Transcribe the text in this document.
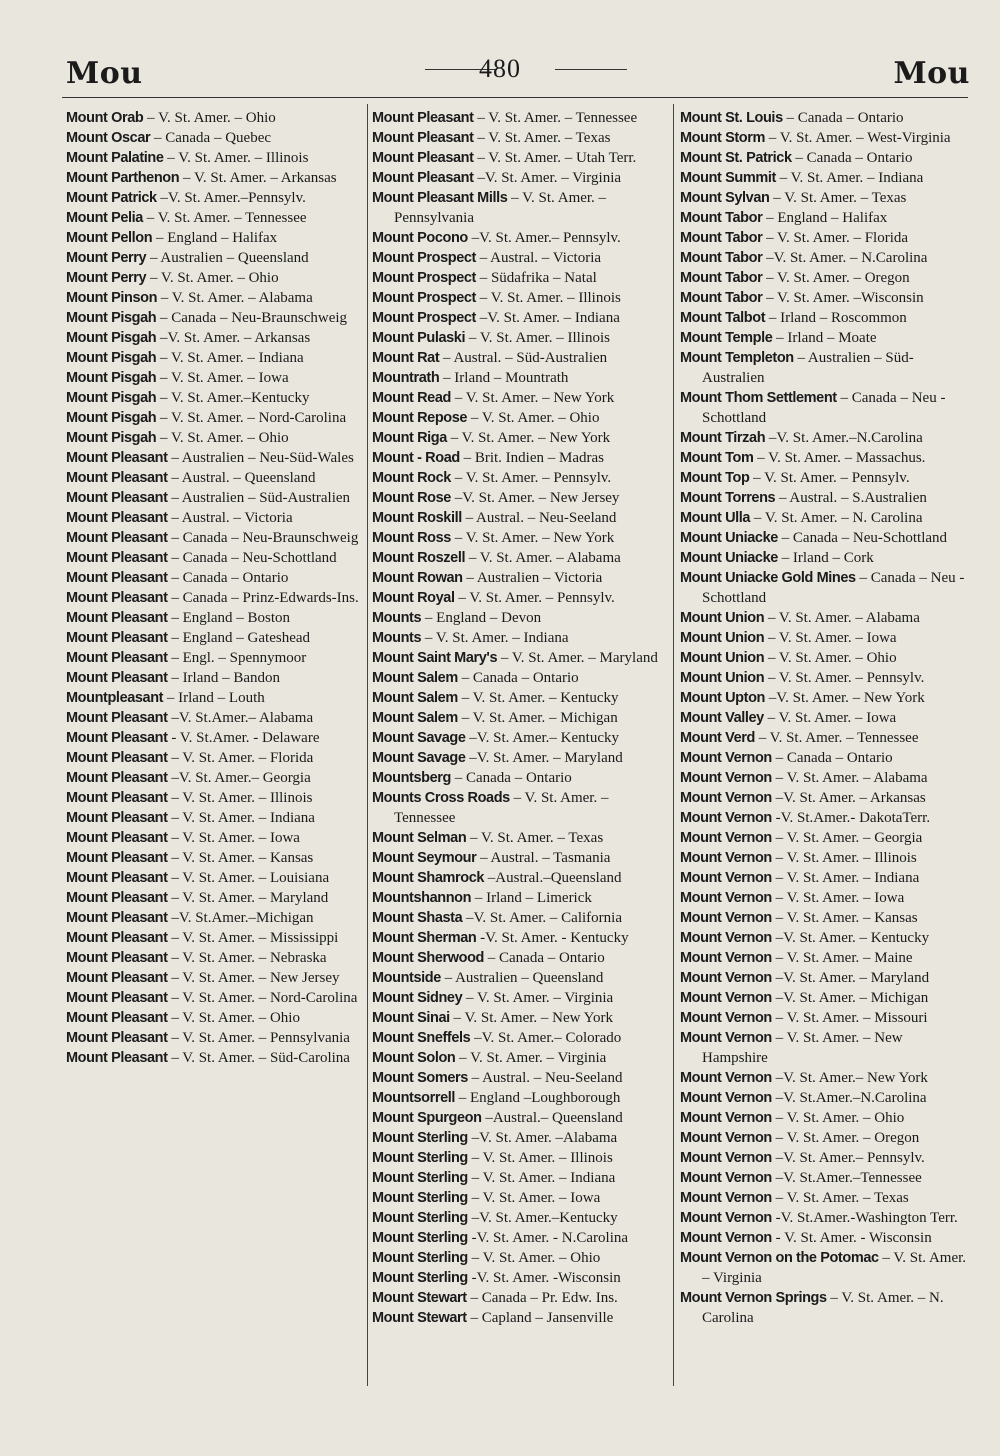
Mou	480	Mou

Mount Orab – V. St. Amer. – Ohio

Mount Oscar – Canada – Quebec

Mount Palatine – V. St. Amer. – Illinois

Mount Parthenon – V. St. Amer. – Arkansas

Mount Patrick –V. St. Amer.–Pennsylv.

Mount Pelia – V. St. Amer. – Tennessee

Mount Pellon – England – Halifax

Mount Perry – Australien – Queensland

Mount Perry – V. St. Amer. – Ohio

Mount Pinson – V. St. Amer. – Alabama

Mount Pisgah – Canada – Neu-Braunschweig

Mount Pisgah –V. St. Amer. – Arkansas

Mount Pisgah – V. St. Amer. – Indiana

Mount Pisgah – V. St. Amer. – Iowa

Mount Pisgah – V. St. Amer.–Kentucky

Mount Pisgah – V. St. Amer. – Nord-Carolina

Mount Pisgah – V. St. Amer. – Ohio

Mount Pleasant – Australien – Neu-Süd-Wales

Mount Pleasant – Austral. – Queensland

Mount Pleasant – Australien – Süd-Australien

Mount Pleasant – Austral. – Victoria

Mount Pleasant – Canada – Neu-Braunschweig

Mount Pleasant – Canada – Neu-Schottland

Mount Pleasant – Canada – Ontario

Mount Pleasant – Canada – Prinz-Edwards-Ins.

Mount Pleasant – England – Boston

Mount Pleasant – England – Gateshead

Mount Pleasant – Engl. – Spennymoor

Mount Pleasant – Irland – Bandon

Mountpleasant – Irland – Louth

Mount Pleasant –V. St.Amer.– Alabama

Mount Pleasant - V. St.Amer. - Delaware

Mount Pleasant – V. St. Amer. – Florida

Mount Pleasant –V. St. Amer.– Georgia

Mount Pleasant – V. St. Amer. – Illinois

Mount Pleasant – V. St. Amer. – Indiana

Mount Pleasant – V. St. Amer. – Iowa

Mount Pleasant – V. St. Amer. – Kansas

Mount Pleasant – V. St. Amer. – Louisiana

Mount Pleasant – V. St. Amer. – Maryland

Mount Pleasant –V. St.Amer.–Michigan

Mount Pleasant – V. St. Amer. – Mississippi

Mount Pleasant – V. St. Amer. – Nebraska

Mount Pleasant – V. St. Amer. – New Jersey

Mount Pleasant – V. St. Amer. – Nord-Carolina

Mount Pleasant – V. St. Amer. – Ohio

Mount Pleasant – V. St. Amer. – Pennsylvania

Mount Pleasant – V. St. Amer. – Süd-Carolina

Mount Pleasant – V. St. Amer. – Tennessee

Mount Pleasant – V. St. Amer. – Texas

Mount Pleasant – V. St. Amer. – Utah Terr.

Mount Pleasant –V. St. Amer. – Virginia

Mount Pleasant Mills – V. St. Amer. – Pennsylvania

Mount Pocono –V. St. Amer.– Pennsylv.

Mount Prospect – Austral. – Victoria

Mount Prospect – Südafrika – Natal

Mount Prospect – V. St. Amer. – Illinois

Mount Prospect –V. St. Amer. – Indiana

Mount Pulaski – V. St. Amer. – Illinois

Mount Rat – Austral. – Süd-Australien

Mountrath – Irland – Mountrath

Mount Read – V. St. Amer. – New York

Mount Repose – V. St. Amer. – Ohio

Mount Riga – V. St. Amer. – New York

Mount - Road – Brit. Indien – Madras

Mount Rock – V. St. Amer. – Pennsylv.

Mount Rose –V. St. Amer. – New Jersey

Mount Roskill – Austral. – Neu-Seeland

Mount Ross – V. St. Amer. – New York

Mount Roszell – V. St. Amer. – Alabama

Mount Rowan – Australien – Victoria

Mount Royal – V. St. Amer. – Pennsylv.

Mounts – England – Devon

Mounts – V. St. Amer. – Indiana

Mount Saint Mary's – V. St. Amer. – Maryland

Mount Salem – Canada – Ontario

Mount Salem – V. St. Amer. – Kentucky

Mount Salem – V. St. Amer. – Michigan

Mount Savage –V. St. Amer.– Kentucky

Mount Savage –V. St. Amer. – Maryland

Mountsberg – Canada – Ontario

Mounts Cross Roads – V. St. Amer. – Tennessee

Mount Selman – V. St. Amer. – Texas

Mount Seymour – Austral. – Tasmania

Mount Shamrock –Austral.–Queensland

Mountshannon – Irland – Limerick

Mount Shasta –V. St. Amer. – California

Mount Sherman -V. St. Amer. - Kentucky

Mount Sherwood – Canada – Ontario

Mountside – Australien – Queensland

Mount Sidney – V. St. Amer. – Virginia

Mount Sinai – V. St. Amer. – New York

Mount Sneffels –V. St. Amer.– Colorado

Mount Solon – V. St. Amer. – Virginia

Mount Somers – Austral. – Neu-Seeland

Mountsorrell – England –Loughborough

Mount Spurgeon –Austral.– Queensland

Mount Sterling –V. St. Amer. –Alabama

Mount Sterling – V. St. Amer. – Illinois

Mount Sterling – V. St. Amer. – Indiana

Mount Sterling – V. St. Amer. – Iowa

Mount Sterling –V. St. Amer.–Kentucky

Mount Sterling -V. St. Amer. - N.Carolina

Mount Sterling – V. St. Amer. – Ohio

Mount Sterling -V. St. Amer. -Wisconsin

Mount Stewart – Canada – Pr. Edw. Ins.

Mount Stewart – Capland – Jansenville

Mount St. Louis – Canada – Ontario

Mount Storm – V. St. Amer. – West-Virginia

Mount St. Patrick – Canada – Ontario

Mount Summit – V. St. Amer. – Indiana

Mount Sylvan – V. St. Amer. – Texas

Mount Tabor – England – Halifax

Mount Tabor – V. St. Amer. – Florida

Mount Tabor –V. St. Amer. – N.Carolina

Mount Tabor – V. St. Amer. – Oregon

Mount Tabor – V. St. Amer. –Wisconsin

Mount Talbot – Irland – Roscommon

Mount Temple – Irland – Moate

Mount Templeton – Australien – Süd-Australien

Mount Thom Settlement – Canada – Neu - Schottland

Mount Tirzah –V. St. Amer.–N.Carolina

Mount Tom – V. St. Amer. – Massachus.

Mount Top – V. St. Amer. – Pennsylv.

Mount Torrens – Austral. – S.Australien

Mount Ulla – V. St. Amer. – N. Carolina

Mount Uniacke – Canada – Neu-Schottland

Mount Uniacke – Irland – Cork

Mount Uniacke Gold Mines – Canada – Neu - Schottland

Mount Union – V. St. Amer. – Alabama

Mount Union – V. St. Amer. – Iowa

Mount Union – V. St. Amer. – Ohio

Mount Union – V. St. Amer. – Pennsylv.

Mount Upton –V. St. Amer. – New York

Mount Valley – V. St. Amer. – Iowa

Mount Verd – V. St. Amer. – Tennessee

Mount Vernon – Canada – Ontario

Mount Vernon – V. St. Amer. – Alabama

Mount Vernon –V. St. Amer. – Arkansas

Mount Vernon -V. St.Amer.- DakotaTerr.

Mount Vernon – V. St. Amer. – Georgia

Mount Vernon – V. St. Amer. – Illinois

Mount Vernon – V. St. Amer. – Indiana

Mount Vernon – V. St. Amer. – Iowa

Mount Vernon – V. St. Amer. – Kansas

Mount Vernon –V. St. Amer. – Kentucky

Mount Vernon – V. St. Amer. – Maine

Mount Vernon –V. St. Amer. – Maryland

Mount Vernon –V. St. Amer. – Michigan

Mount Vernon – V. St. Amer. – Missouri

Mount Vernon – V. St. Amer. – New Hampshire

Mount Vernon –V. St. Amer.– New York

Mount Vernon –V. St.Amer.–N.Carolina

Mount Vernon – V. St. Amer. – Ohio

Mount Vernon – V. St. Amer. – Oregon

Mount Vernon –V. St. Amer.– Pennsylv.

Mount Vernon –V. St.Amer.–Tennessee

Mount Vernon – V. St. Amer. – Texas

Mount Vernon -V. St.Amer.-Washington Terr.

Mount Vernon - V. St. Amer. - Wisconsin

Mount Vernon on the Potomac – V. St. Amer. – Virginia

Mount Vernon Springs – V. St. Amer. – N. Carolina
